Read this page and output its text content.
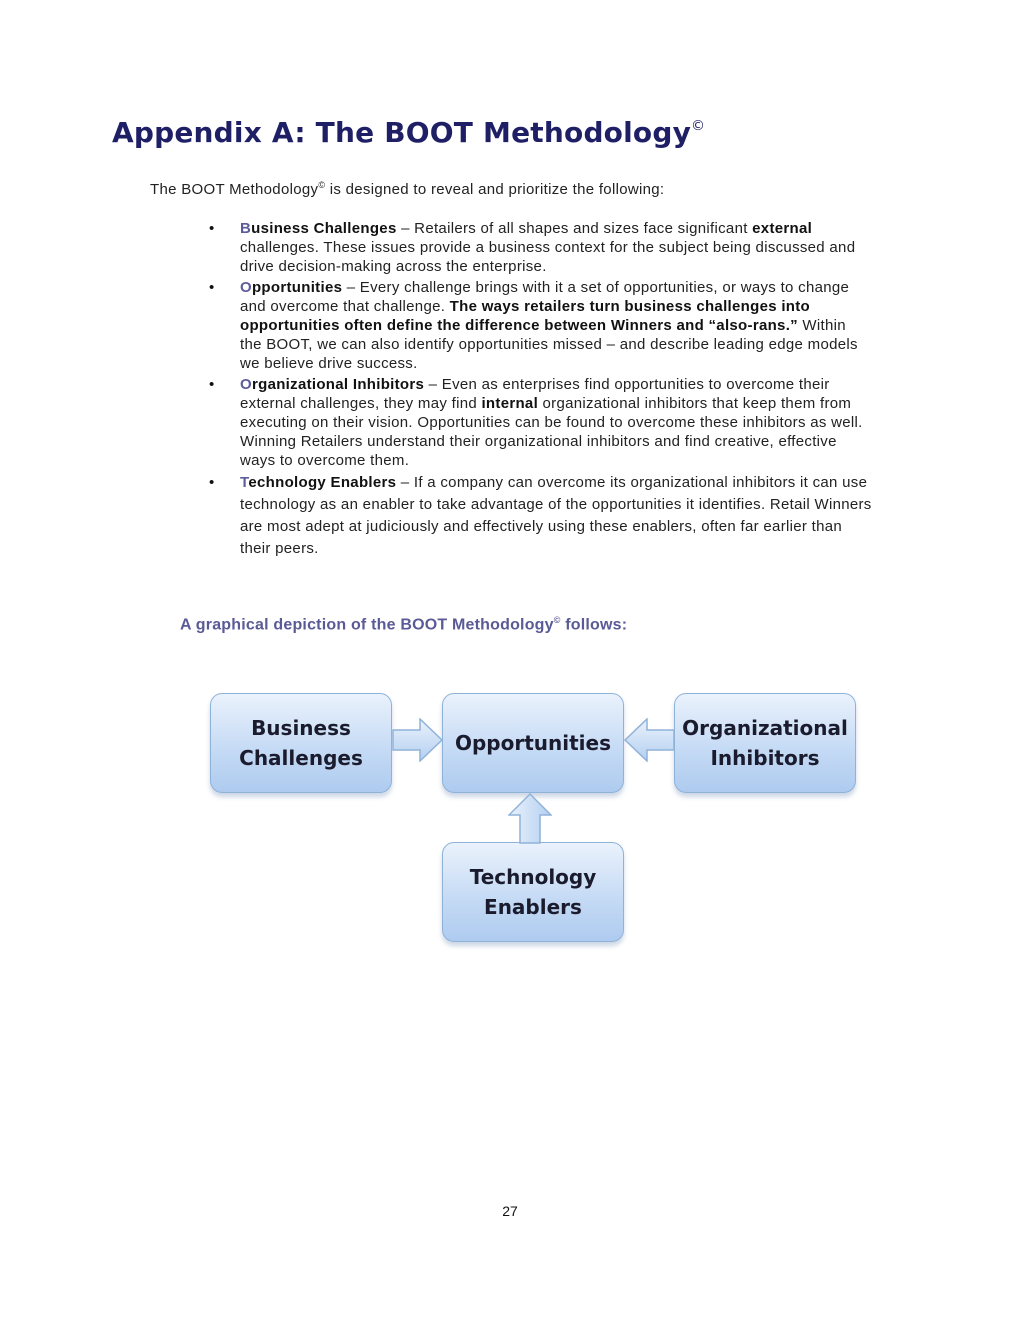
Appendix A: The BOOT Methodology©

The BOOT Methodology© is designed to reveal and prioritize the following:

• Business Challenges – Retailers of all shapes and sizes face significant external challenges. These issues provide a business context for the subject being discussed and drive decision-making across the enterprise.
• Opportunities – Every challenge brings with it a set of opportunities, or ways to change and overcome that challenge. The ways retailers turn business challenges into opportunities often define the difference between Winners and “also-rans.” Within the BOOT, we can also identify opportunities missed – and describe leading edge models we believe drive success.
• Organizational Inhibitors – Even as enterprises find opportunities to overcome their external challenges, they may find internal organizational inhibitors that keep them from executing on their vision. Opportunities can be found to overcome these inhibitors as well. Winning Retailers understand their organizational inhibitors and find creative, effective ways to overcome them.
• Technology Enablers – If a company can overcome its organizational inhibitors it can use technology as an enabler to take advantage of the opportunities it identifies. Retail Winners are most adept at judiciously and effectively using these enablers, often far earlier than their peers.

A graphical depiction of the BOOT Methodology© follows:

Business
Challenges
Opportunities
Organizational
Inhibitors
Technology
Enablers
27
